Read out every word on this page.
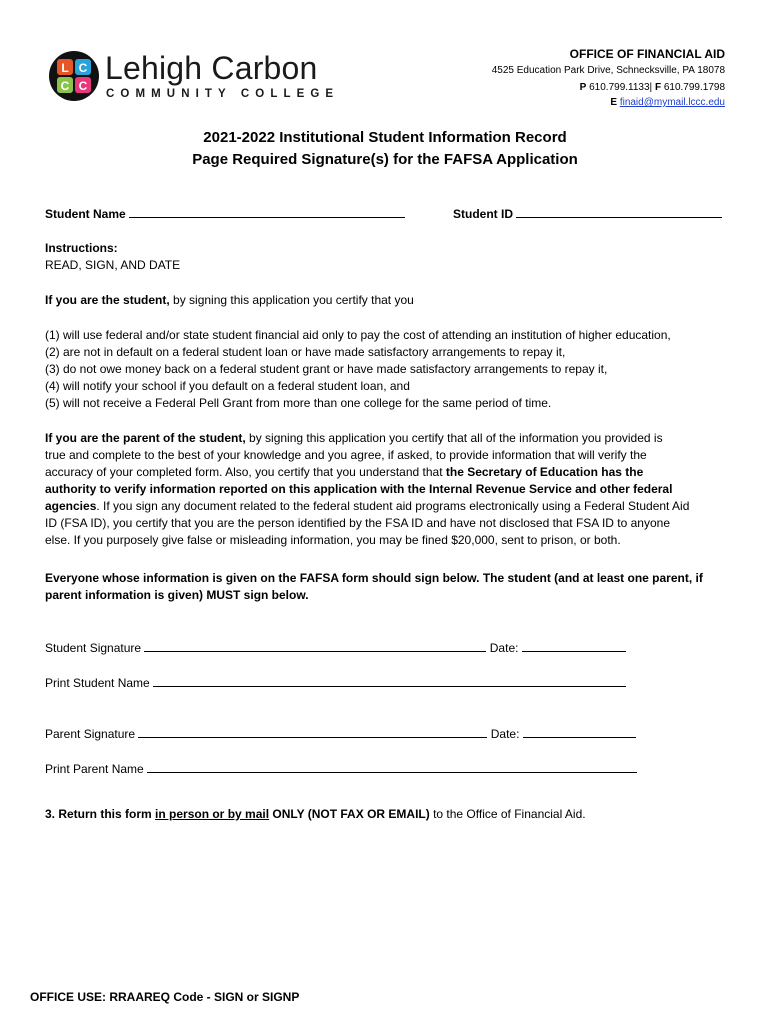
L C
C C Lehigh Carbon
COMMUNITY COLLEGE
OFFICE OF FINANCIAL AID
4525 Education Park Drive, Schnecksville, PA 18078
P 610.799.1133| F 610.799.1798
E finaid@mymail.lccc.edu
2021-2022 Institutional Student Information Record
Page Required Signature(s) for the FAFSA Application
Student Name	Student ID
Instructions:
READ, SIGN, AND DATE
If you are the student, by signing this application you certify that you
(1) will use federal and/or state student financial aid only to pay the cost of attending an institution of higher education,
(2) are not in default on a federal student loan or have made satisfactory arrangements to repay it,
(3) do not owe money back on a federal student grant or have made satisfactory arrangements to repay it,
(4) will notify your school if you default on a federal student loan, and
(5) will not receive a Federal Pell Grant from more than one college for the same period of time.
If you are the parent of the student, by signing this application you certify that all of the information you provided is
true and complete to the best of your knowledge and you agree, if asked, to provide information that will verify the
accuracy of your completed form. Also, you certify that you understand that the Secretary of Education has the
authority to verify information reported on this application with the Internal Revenue Service and other federal
agencies. If you sign any document related to the federal student aid programs electronically using a Federal Student Aid
ID (FSA ID), you certify that you are the person identified by the FSA ID and have not disclosed that FSA ID to anyone
else. If you purposely give false or misleading information, you may be fined $20,000, sent to prison, or both.
Everyone whose information is given on the FAFSA form should sign below. The student (and at least one parent, if
parent information is given) MUST sign below.
Student Signature	Date:
Print Student Name
Parent Signature	Date:
Print Parent Name
3. Return this form in person or by mail ONLY (NOT FAX OR EMAIL) to the Office of Financial Aid.
OFFICE USE: RRAAREQ Code - SIGN or SIGNP
